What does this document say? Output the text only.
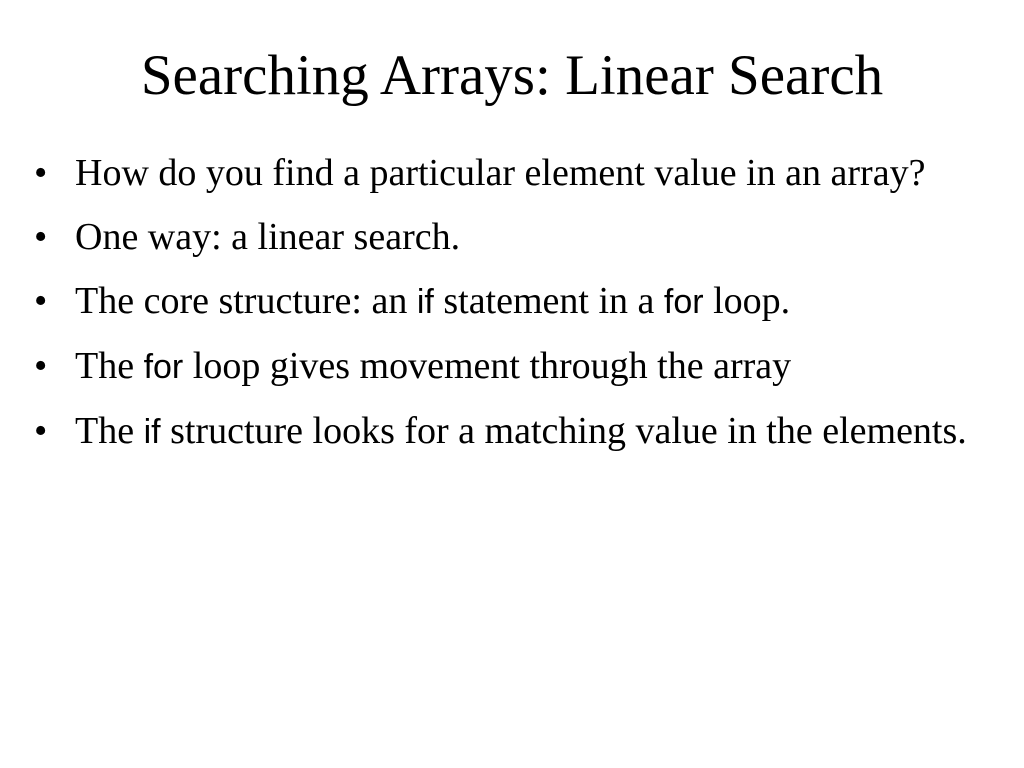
Searching Arrays: Linear Search
• How do you find a particular element value in an array?
• One way: a linear search.
• The core structure: an if statement in a for loop.
• The for loop gives movement through the array
• The if structure looks for a matching value in the elements.
